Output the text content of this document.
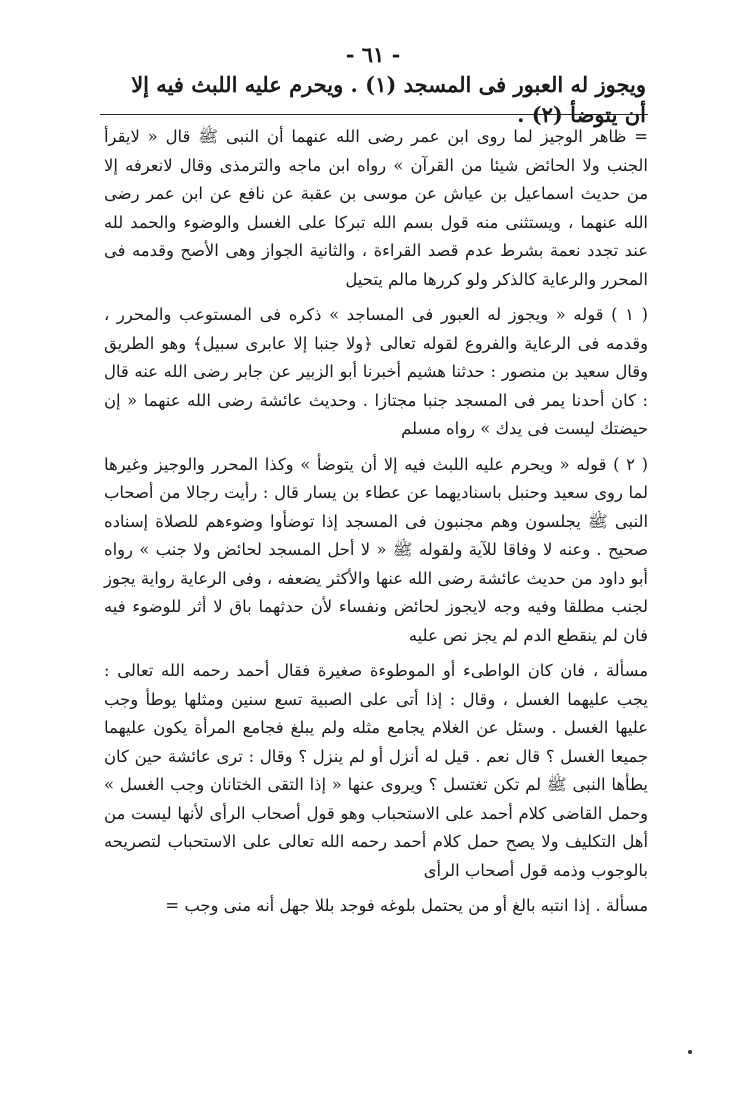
- ٦١ -
ويجوز له العبور فى المسجد (١) . ويحرم عليه اللبث فيه إلا أن يتوضأ (٢) .

= ظاهر الوجيز لما روى ابن عمر رضى الله عنهما أن النبى ﷺ قال « لايقرأ الجنب ولا الحائض شيئا من القرآن » رواه ابن ماجه والترمذى وقال لانعرفه إلا من حديث اسماعيل بن عياش عن موسى بن عقبة عن نافع عن ابن عمر رضى الله عنهما ، ويستثنى منه قول بسم الله تبركا على الغسل والوضوء والحمد لله عند تجدد نعمة بشرط عدم قصد القراءة ، والثانية الجواز وهى الأصح وقدمه فى المحرر والرعاية كالذكر ولو كررها مالم يتحيل

( ١ ) قوله « ويجوز له العبور فى المساجد » ذكره فى المستوعب والمحرر ، وقدمه فى الرعاية والفروع لقوله تعالى ﴿ولا جنبا إلا عابرى سبيل﴾ وهو الطريق وقال سعيد بن منصور : حدثنا هشيم أخبرنا أبو الزبير عن جابر رضى الله عنه قال : كان أحدنا يمر فى المسجد جنبا مجتازا . وحديث عائشة رضى الله عنهما « إن حيضتك ليست فى يدك » رواه مسلم

( ٢ ) قوله « ويحرم عليه اللبث فيه إلا أن يتوضأ » وكذا المحرر والوجيز وغيرها لما روى سعيد وحنبل باسناديهما عن عطاء بن يسار قال : رأيت رجالا من أصحاب النبى ﷺ يجلسون وهم مجنبون فى المسجد إذا توضأوا وضوءهم للصلاة إسناده صحيح . وعنه لا وفاقا للآية ولقوله ﷺ « لا أحل المسجد لحائض ولا جنب » رواه أبو داود من حديث عائشة رضى الله عنها والأكثر يضعفه ، وفى الرعاية رواية يجوز لجنب مطلقا وفيه وجه لايجوز لحائض ونفساء لأن حدثهما باق لا أثر للوضوء فيه فان لم ينقطع الدم لم يجز نص عليه

مسألة ، فان كان الواطىء أو الموطوءة صغيرة فقال أحمد رحمه الله تعالى : يجب عليهما الغسل ، وقال : إذا أتى على الصبية تسع سنين ومثلها يوطأ وجب عليها الغسل . وسئل عن الغلام يجامع مثله ولم يبلغ فجامع المرأة يكون عليهما جميعا الغسل ؟ قال نعم . قيل له أنزل أو لم ينزل ؟ وقال : ترى عائشة حين كان يطأها النبى ﷺ لم تكن تغتسل ؟ ويروى عنها « إذا التقى الختانان وجب الغسل » وحمل القاضى كلام أحمد على الاستحباب وهو قول أصحاب الرأى لأنها ليست من أهل التكليف ولا يصح حمل كلام أحمد رحمه الله تعالى على الاستحباب لتصريحه بالوجوب وذمه قول أصحاب الرأى

مسألة . إذا انتبه بالغ أو من يحتمل بلوغه فوجد بللا جهل أنه منى وجب =
